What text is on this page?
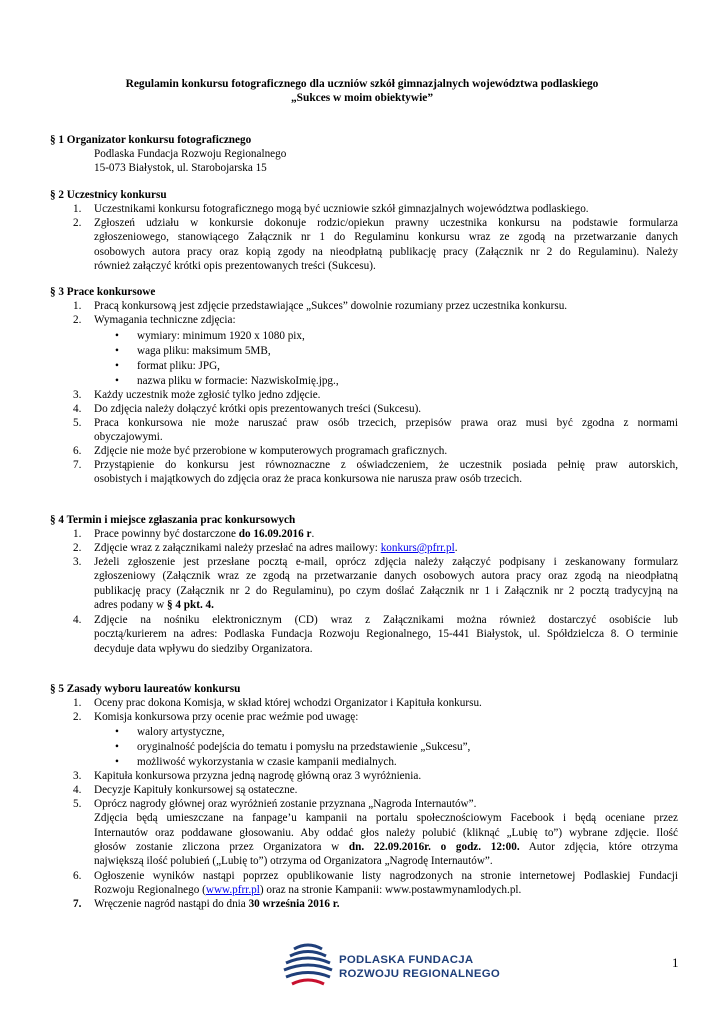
Regulamin konkursu fotograficznego dla uczniów szkół gimnazjalnych województwa podlaskiego
„Sukces w moim obiektywie”
§ 1 Organizator konkursu fotograficznego
Podlaska Fundacja Rozwoju Regionalnego
15-073 Białystok, ul. Starobojarska 15
§ 2 Uczestnicy konkursu
1. Uczestnikami konkursu fotograficznego mogą być uczniowie szkół gimnazjalnych województwa podlaskiego.
2. Zgłoszeń udziału w konkursie dokonuje rodzic/opiekun prawny uczestnika konkursu na podstawie formularza
zgłoszeniowego, stanowiącego Załącznik nr 1 do Regulaminu konkursu wraz ze zgodą na przetwarzanie danych
osobowych autora pracy oraz kopią zgody na nieodpłatną publikację pracy (Załącznik nr 2 do Regulaminu). Należy
również załączyć krótki opis prezentowanych treści (Sukcesu).
§ 3 Prace konkursowe
1. Pracą konkursową jest zdjęcie przedstawiające „Sukces” dowolnie rozumiany przez uczestnika konkursu.
2. Wymagania techniczne zdjęcia:
• wymiary: minimum 1920 x 1080 pix,
• waga pliku: maksimum 5MB,
• format pliku: JPG,
• nazwa pliku w formacie: NazwiskoImię.jpg.,
3. Każdy uczestnik może zgłosić tylko jedno zdjęcie.
4. Do zdjęcia należy dołączyć krótki opis prezentowanych treści (Sukcesu).
5. Praca konkursowa nie może naruszać praw osób trzecich, przepisów prawa oraz musi być zgodna z normami
obyczajowymi.
6. Zdjęcie nie może być przerobione w komputerowych programach graficznych.
7. Przystąpienie do konkursu jest równoznaczne z oświadczeniem, że uczestnik posiada pełnię praw autorskich,
osobistych i majątkowych do zdjęcia oraz że praca konkursowa nie narusza praw osób trzecich.
§ 4 Termin i miejsce zgłaszania prac konkursowych
1. Prace powinny być dostarczone do 16.09.2016 r.
2. Zdjęcie wraz z załącznikami należy przesłać na adres mailowy: konkurs@pfrr.pl.
3. Jeżeli zgłoszenie jest przesłane pocztą e-mail, oprócz zdjęcia należy załączyć podpisany i zeskanowany formularz
zgłoszeniowy (Załącznik wraz ze zgodą na przetwarzanie danych osobowych autora pracy oraz zgodą na nieodpłatną
publikację pracy (Załącznik nr 2 do Regulaminu), po czym doślać Załącznik nr 1 i Załącznik nr 2 pocztą tradycyjną na
adres podany w § 4 pkt. 4.
4. Zdjęcie na nośniku elektronicznym (CD) wraz z Załącznikami można również dostarczyć osobiście lub
pocztą/kurierem na adres: Podlaska Fundacja Rozwoju Regionalnego, 15-441 Białystok, ul. Spółdzielcza 8. O terminie
decyduje data wpływu do siedziby Organizatora.
§ 5 Zasady wyboru laureatów konkursu
1. Oceny prac dokona Komisja, w skład której wchodzi Organizator i Kapituła konkursu.
2. Komisja konkursowa przy ocenie prac weźmie pod uwagę:
• walory artystyczne,
• oryginalność podejścia do tematu i pomysłu na przedstawienie „Sukcesu”,
• możliwość wykorzystania w czasie kampanii medialnych.
3. Kapituła konkursowa przyzna jedną nagrodę główną oraz 3 wyróżnienia.
4. Decyzje Kapituły konkursowej są ostateczne.
5. Oprócz nagrody głównej oraz wyróżnień zostanie przyznana „Nagroda Internautów”.
Zdjęcia będą umieszczane na fanpage’u kampanii na portalu społecznościowym Facebook i będą oceniane przez
Internautów oraz poddawane głosowaniu. Aby oddać głos należy polubić (kliknąć „Lubię to”) wybrane zdjęcie. Ilość
głosów zostanie zliczona przez Organizatora w dn. 22.09.2016r. o godz. 12:00. Autor zdjęcia, które otrzyma
największą ilość polubień („Lubię to”) otrzyma od Organizatora „Nagrodę Internautów”.
6. Ogłoszenie wyników nastąpi poprzez opublikowanie listy nagrodzonych na stronie internetowej Podlaskiej Fundacji
Rozwoju Regionalnego (www.pfrr.pl) oraz na stronie Kampanii: www.postawmynamlodych.pl.
7. Wręczenie nagród nastąpi do dnia 30 września 2016 r.
1
PODLASKA FUNDACJA
ROZWOJU REGIONALNEGO
